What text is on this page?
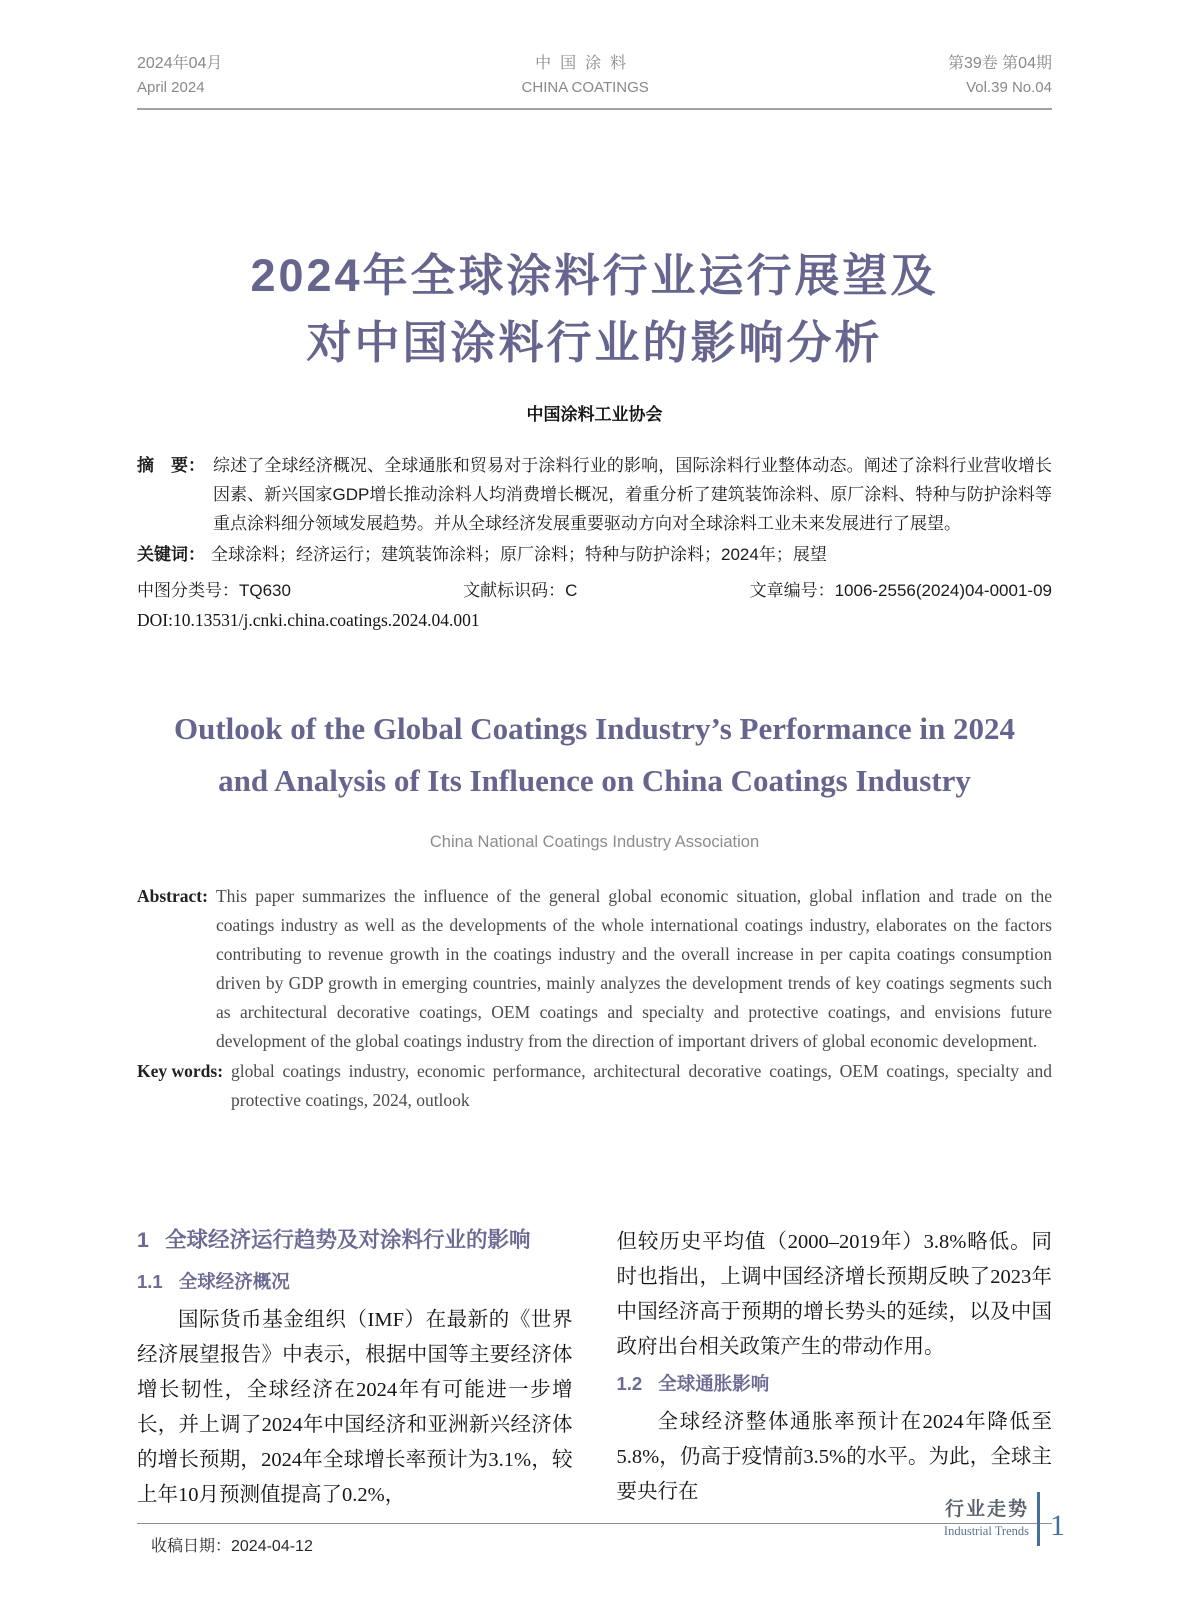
2024年04月
April 2024
中国涂料
CHINA COATINGS
第39卷 第04期
Vol.39 No.04
2024年全球涂料行业运行展望及
对中国涂料行业的影响分析
中国涂料工业协会
摘　要： 综述了全球经济概况、全球通胀和贸易对于涂料行业的影响，国际涂料行业整体动态。阐述了涂料行业营收增长因素、新兴国家GDP增长推动涂料人均消费增长概况，着重分析了建筑装饰涂料、原厂涂料、特种与防护涂料等重点涂料细分领域发展趋势。并从全球经济发展重要驱动方向对全球涂料工业未来发展进行了展望。
关键词： 全球涂料；经济运行；建筑装饰涂料；原厂涂料；特种与防护涂料；2024年；展望
中图分类号：TQ630	文献标识码：C	文章编号：1006-2556(2024)04-0001-09
DOI:10.13531/j.cnki.china.coatings.2024.04.001
Outlook of the Global Coatings Industry’s Performance in 2024 and Analysis of Its Influence on China Coatings Industry
China National Coatings Industry Association
Abstract: This paper summarizes the influence of the general global economic situation, global inflation and trade on the coatings industry as well as the developments of the whole international coatings industry, elaborates on the factors contributing to revenue growth in the coatings industry and the overall increase in per capita coatings consumption driven by GDP growth in emerging countries, mainly analyzes the development trends of key coatings segments such as architectural decorative coatings, OEM coatings and specialty and protective coatings, and envisions future development of the global coatings industry from the direction of important drivers of global economic development.
Key words: global coatings industry, economic performance, architectural decorative coatings, OEM coatings, specialty and protective coatings, 2024, outlook
1 全球经济运行趋势及对涂料行业的影响
1.1 全球经济概况
国际货币基金组织（IMF）在最新的《世界经济展望报告》中表示，根据中国等主要经济体增长韧性，全球经济在2024年有可能进一步增长，并上调了2024年中国经济和亚洲新兴经济体的增长预期，2024年全球增长率预计为3.1%，较上年10月预测值提高了0.2%，
但较历史平均值（2000–2019年）3.8%略低。同时也指出，上调中国经济增长预期反映了2023年中国经济高于预期的增长势头的延续，以及中国政府出台相关政策产生的带动作用。
1.2 全球通胀影响
全球经济整体通胀率预计在2024年降低至5.8%，仍高于疫情前3.5%的水平。为此，全球主要央行在
收稿日期：2024-04-12
行业走势
Industrial Trends 1
